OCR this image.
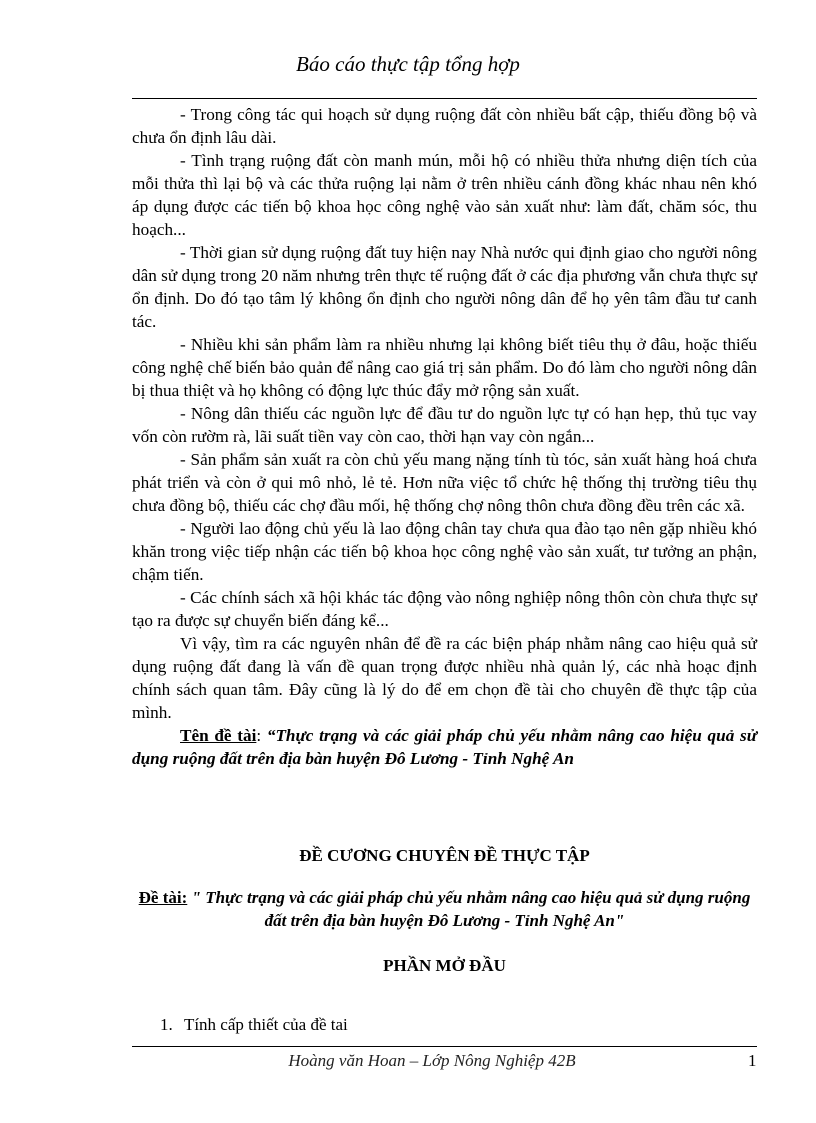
Báo cáo thực tập tổng hợp

- Trong công tác qui hoạch sử dụng ruộng đất còn nhiều bất cập, thiếu đồng bộ và chưa ổn định lâu dài.

- Tình trạng ruộng đất còn manh mún, mỗi hộ có nhiều thửa nhưng diện tích của mỗi thửa thì lại bộ và các thửa ruộng lại nằm ở trên nhiều cánh đồng khác nhau nên khó áp dụng được các tiến bộ khoa học công nghệ vào sản xuất như: làm đất, chăm sóc, thu hoạch...

- Thời gian sử dụng ruộng đất tuy hiện nay Nhà nước qui định giao cho người nông dân sử dụng trong 20 năm nhưng trên thực tế ruộng đất ở các địa phương vẫn chưa thực sự ổn định. Do đó tạo tâm lý không ổn định cho người nông dân để họ yên tâm đầu tư canh tác.

- Nhiều khi sản phẩm làm ra nhiều nhưng lại không biết tiêu thụ ở đâu, hoặc thiếu công nghệ chế biến bảo quản để nâng cao giá trị sản phẩm. Do đó làm cho người nông dân bị thua thiệt và họ không có động lực thúc đẩy mở rộng sản xuất.

- Nông dân thiếu các nguồn lực để đầu tư do nguồn lực tự có hạn hẹp, thủ tục vay vốn còn rườm rà, lãi suất tiền vay còn cao, thời hạn vay còn ngắn...

- Sản phẩm sản xuất ra còn chủ yếu mang nặng tính tù tóc, sản xuất hàng hoá chưa phát triển và còn ở qui mô nhỏ, lẻ tẻ. Hơn nữa việc tổ chức hệ thống thị trường tiêu thụ chưa đồng bộ, thiếu các chợ đầu mối, hệ thống chợ nông thôn chưa đồng đều trên các xã.

- Người lao động chủ yếu là lao động chân tay chưa qua đào tạo nên gặp nhiều khó khăn trong việc tiếp nhận các tiến bộ khoa học công nghệ vào sản xuất, tư tưởng an phận, chậm tiến.

- Các chính sách xã hội khác tác động vào nông nghiệp nông thôn còn chưa thực sự tạo ra được sự chuyển biến đáng kể...

Vì vậy, tìm ra các nguyên nhân để đề ra các biện pháp nhằm nâng cao hiệu quả sử dụng ruộng đất đang là vấn đề quan trọng được nhiều nhà quản lý, các nhà hoạc định chính sách quan tâm. Đây cũng là lý do để em chọn đề tài cho chuyên đề thực tập của mình.

Tên đề tài: “Thực trạng và các giải pháp chủ yếu nhằm nâng cao hiệu quả sử dụng ruộng đất trên địa bàn huyện Đô Lương - Tỉnh Nghệ An
ĐỀ CƯƠNG CHUYÊN ĐỀ THỰC TẬP
Đề tài: " Thực trạng và các giải pháp chủ yếu nhằm nâng cao hiệu quả sử dụng ruộng đất trên địa bàn huyện Đô Lương - Tỉnh Nghệ An"
PHẦN MỞ ĐẦU
1. Tính cấp thiết của đề tai
Hoàng văn Hoan – Lớp Nông Nghiệp 42B	1
